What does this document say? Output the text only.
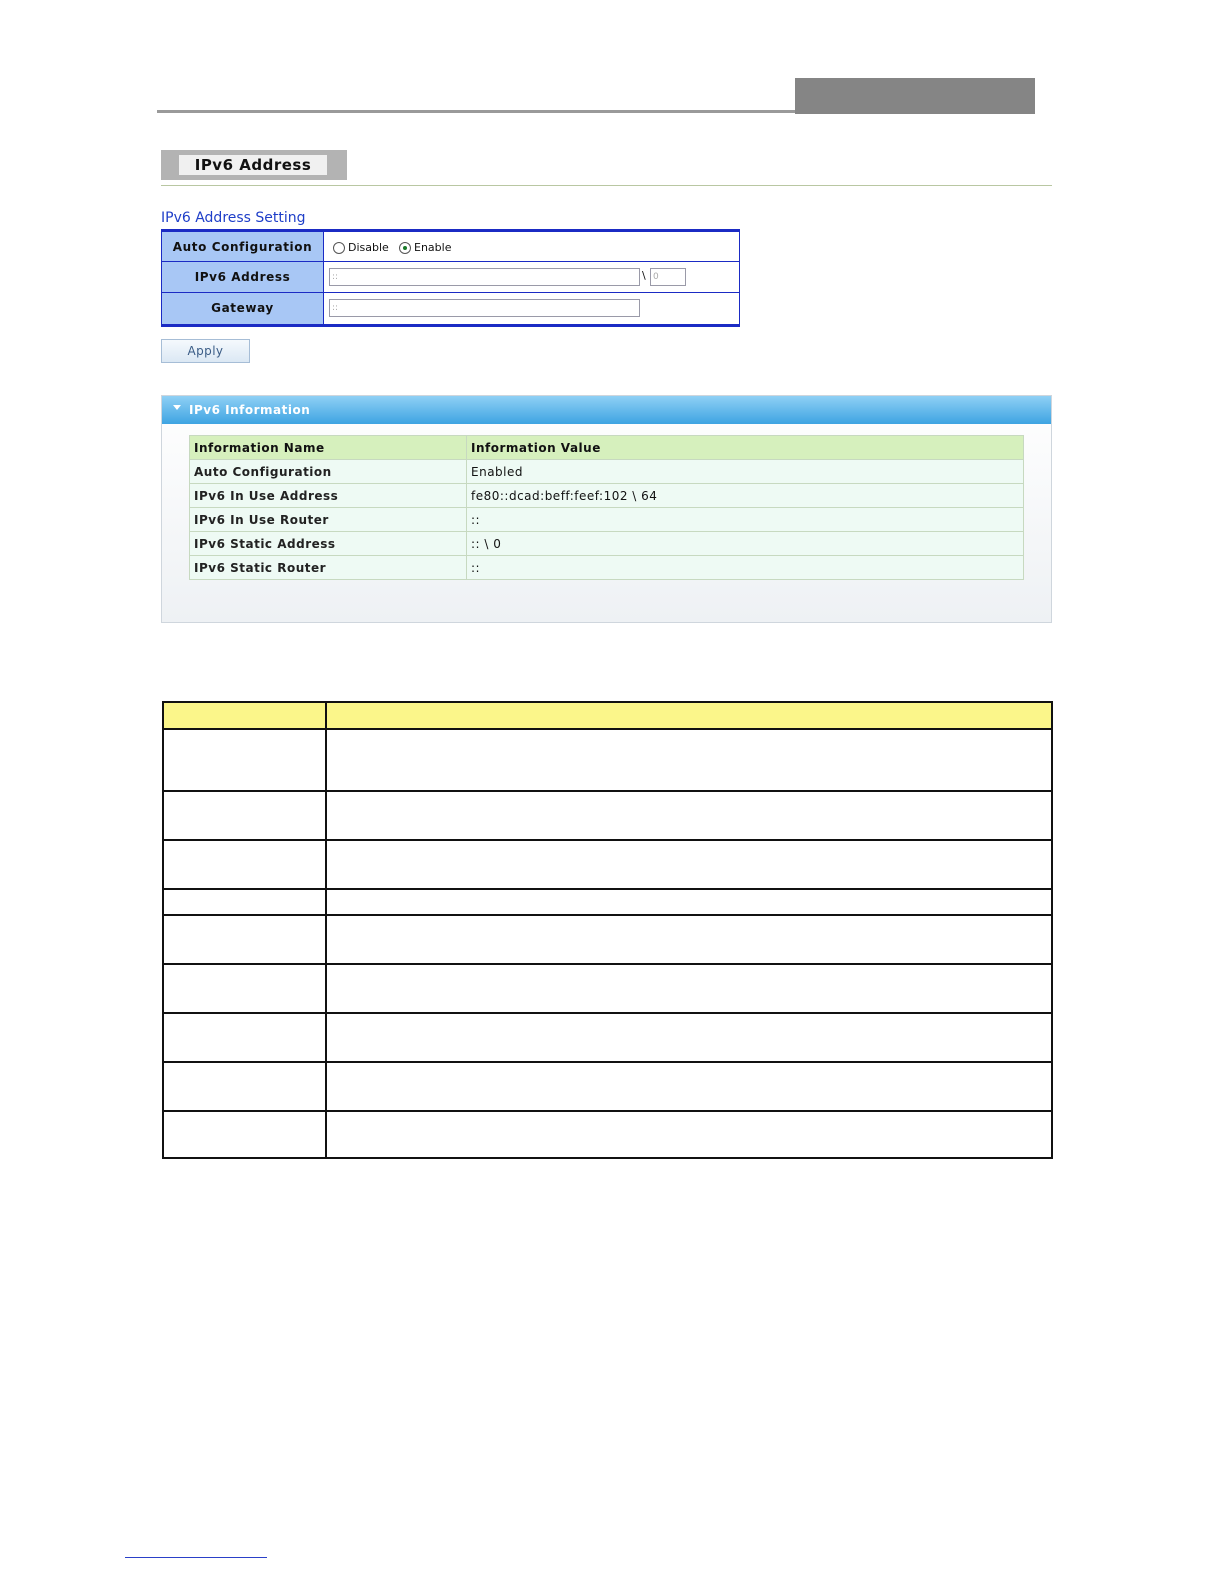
IPv6 Address
IPv6 Address Setting
Auto Configuration	Disable	Enable
IPv6 Address	::	\ 0
Gateway	::
Apply
IPv6 Information
Information Name	Information Value
Auto Configuration	Enabled
IPv6 In Use Address	fe80::dcad:beff:feef:102 \ 64
IPv6 In Use Router	::
IPv6 Static Address	:: \ 0
IPv6 Static Router	::
